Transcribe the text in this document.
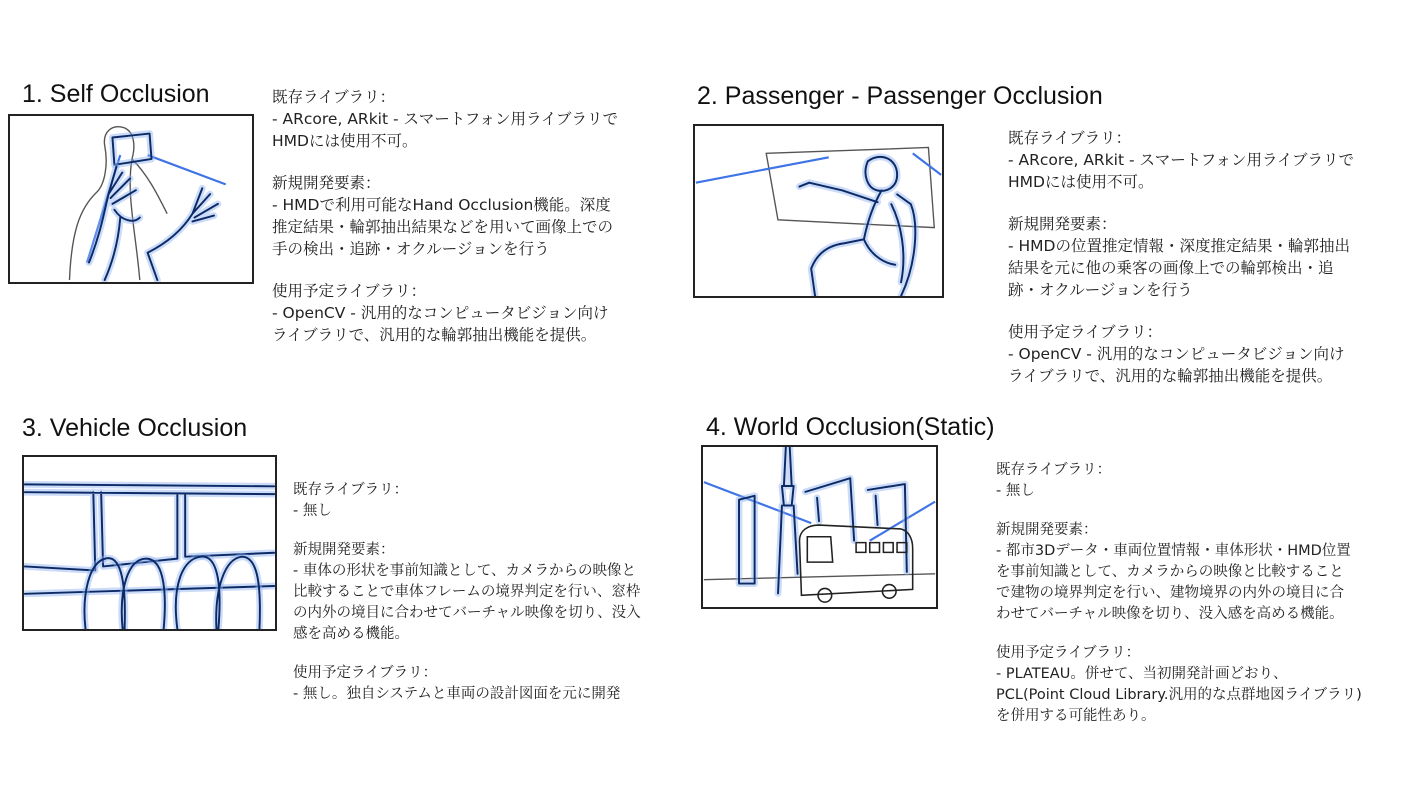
1. Self Occlusion	既存ライブラリ：

- ARcore, ARkit - スマートフォン用ライブラリで

HMDには使用不可。

新規開発要素：

- HMDで利用可能なHand Occlusion機能。深度

推定結果・輪郭抽出結果などを用いて画像上での

手の検出・追跡・オクルージョンを行う

使用予定ライブラリ：

- OpenCV - 汎用的なコンピュータビジョン向け

ライブラリで、汎用的な輪郭抽出機能を提供。

2. Passenger - Passenger Occlusion

既存ライブラリ：

- ARcore, ARkit - スマートフォン用ライブラリで

HMDには使用不可。

新規開発要素：

- HMDの位置推定情報・深度推定結果・輪郭抽出

結果を元に他の乗客の画像上での輪郭検出・追

跡・オクルージョンを行う

使用予定ライブラリ：

- OpenCV - 汎用的なコンピュータビジョン向け

ライブラリで、汎用的な輪郭抽出機能を提供。

3. Vehicle Occlusion

既存ライブラリ：

- 無し

新規開発要素：

- 車体の形状を事前知識として、カメラからの映像と

比較することで車体フレームの境界判定を行い、窓枠

の内外の境目に合わせてバーチャル映像を切り、没入

感を高める機能。

使用予定ライブラリ：

- 無し。独自システムと車両の設計図面を元に開発

4. World Occlusion(Static)

既存ライブラリ：

- 無し

新規開発要素：

- 都市3Dデータ・車両位置情報・車体形状・HMD位置

を事前知識として、カメラからの映像と比較すること

で建物の境界判定を行い、建物境界の内外の境目に合

わせてバーチャル映像を切り、没入感を高める機能。

使用予定ライブラリ：

- PLATEAU。併せて、当初開発計画どおり、

PCL(Point Cloud Library.汎用的な点群地図ライブラリ)

を併用する可能性あり。
